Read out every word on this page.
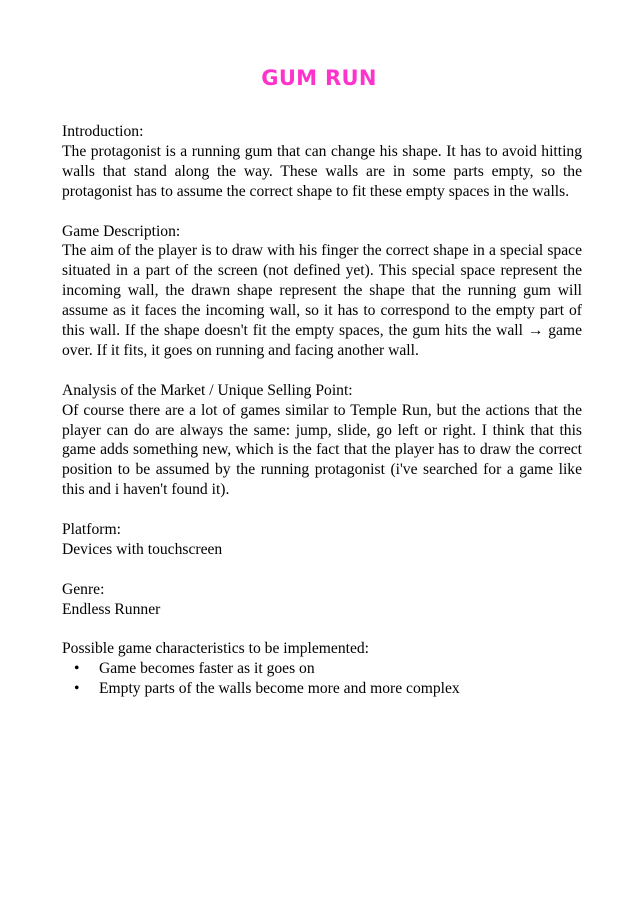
GUM RUN

Introduction:
The protagonist is a running gum that can change his shape. It has to avoid hitting walls that stand along the way. These walls are in some parts empty, so the protagonist has to assume the correct shape to fit these empty spaces in the walls.

Game Description:
The aim of the player is to draw with his finger the correct shape in a special space situated in a part of the screen (not defined yet). This special space represent the incoming wall, the drawn shape represent the shape that the running gum will assume as it faces the incoming wall, so it has to correspond to the empty part of this wall. If the shape doesn't fit the empty spaces, the gum hits the wall → game over. If it fits, it goes on running and facing another wall.

Analysis of the Market / Unique Selling Point:
Of course there are a lot of games similar to Temple Run, but the actions that the player can do are always the same: jump, slide, go left or right. I think that this game adds something new, which is the fact that the player has to draw the correct position to be assumed by the running protagonist (i've searched for a game like this and i haven't found it).

Platform:
Devices with touchscreen

Genre:
Endless Runner

Possible game characteristics to be implemented:

• Game becomes faster as it goes on
• Empty parts of the walls become more and more complex
